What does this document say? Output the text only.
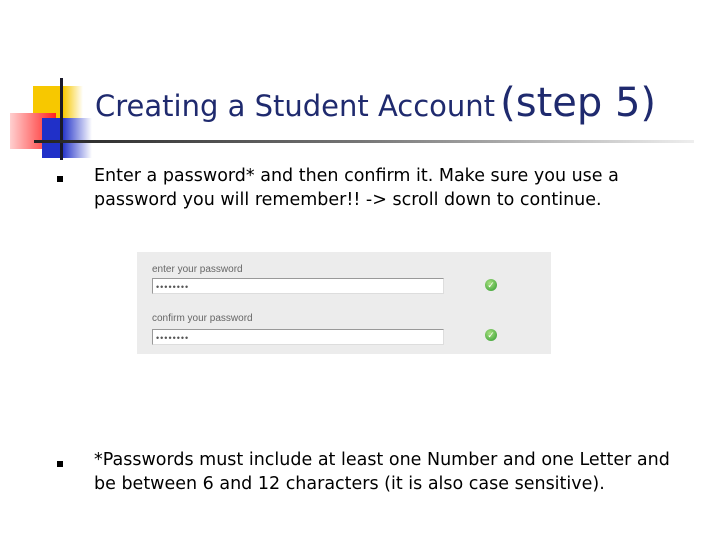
Creating a Student Account (step 5)
Enter a password* and then confirm it. Make sure you use a password you will remember!! -> scroll down to continue.
enter your password
••••••••	✓
confirm your password
••••••••	✓
*Passwords must include at least one Number and one Letter and be between 6 and 12 characters (it is also case sensitive).
